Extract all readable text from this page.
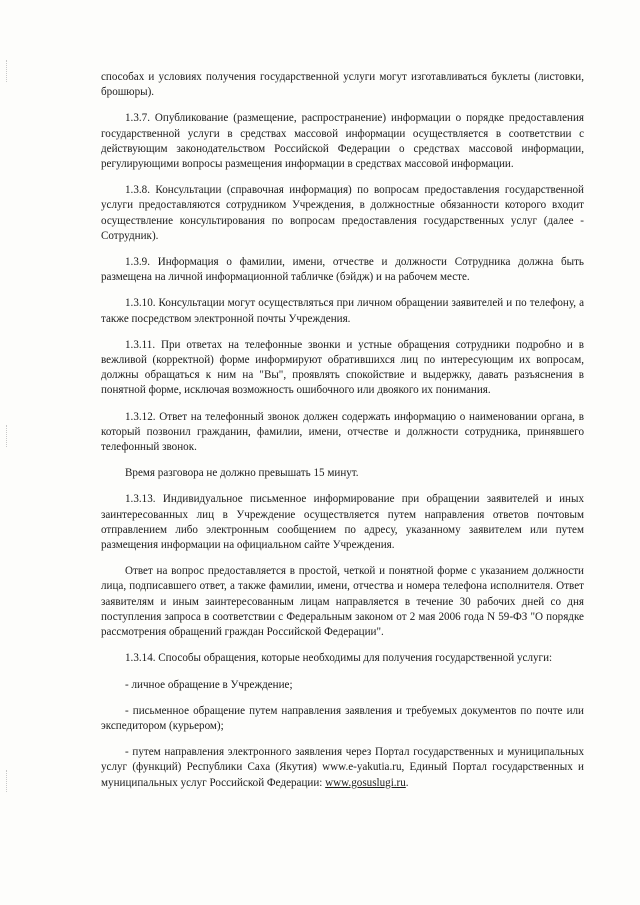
способах и условиях получения государственной услуги могут изготавливаться буклеты (листовки, брошюры).

1.3.7. Опубликование (размещение, распространение) информации о порядке предоставления государственной услуги в средствах массовой информации осуществляется в соответствии с действующим законодательством Российской Федерации о средствах массовой информации, регулирующими вопросы размещения информации в средствах массовой информации.

1.3.8. Консультации (справочная информация) по вопросам предоставления государственной услуги предоставляются сотрудником Учреждения, в должностные обязанности которого входит осуществление консультирования по вопросам предоставления государственных услуг (далее - Сотрудник).

1.3.9. Информация о фамилии, имени, отчестве и должности Сотрудника должна быть размещена на личной информационной табличке (бэйдж) и на рабочем месте.

1.3.10. Консультации могут осуществляться при личном обращении заявителей и по телефону, а также посредством электронной почты Учреждения.

1.3.11. При ответах на телефонные звонки и устные обращения сотрудники подробно и в вежливой (корректной) форме информируют обратившихся лиц по интересующим их вопросам, должны обращаться к ним на "Вы", проявлять спокойствие и выдержку, давать разъяснения в понятной форме, исключая возможность ошибочного или двоякого их понимания.

1.3.12. Ответ на телефонный звонок должен содержать информацию о наименовании органа, в который позвонил гражданин, фамилии, имени, отчестве и должности сотрудника, принявшего телефонный звонок.

Время разговора не должно превышать 15 минут.

1.3.13. Индивидуальное письменное информирование при обращении заявителей и иных заинтересованных лиц в Учреждение осуществляется путем направления ответов почтовым отправлением либо электронным сообщением по адресу, указанному заявителем или путем размещения информации на официальном сайте Учреждения.

Ответ на вопрос предоставляется в простой, четкой и понятной форме с указанием должности лица, подписавшего ответ, а также фамилии, имени, отчества и номера телефона исполнителя. Ответ заявителям и иным заинтересованным лицам направляется в течение 30 рабочих дней со дня поступления запроса в соответствии с Федеральным законом от 2 мая 2006 года N 59-ФЗ "О порядке рассмотрения обращений граждан Российской Федерации".

1.3.14. Способы обращения, которые необходимы для получения государственной услуги:

- личное обращение в Учреждение;

- письменное обращение путем направления заявления и требуемых документов по почте или экспедитором (курьером);

- путем направления электронного заявления через Портал государственных и муниципальных услуг (функций) Республики Саха (Якутия) www.e-yakutia.ru, Единый Портал государственных и муниципальных услуг Российской Федерации: www.gosuslugi.ru.
